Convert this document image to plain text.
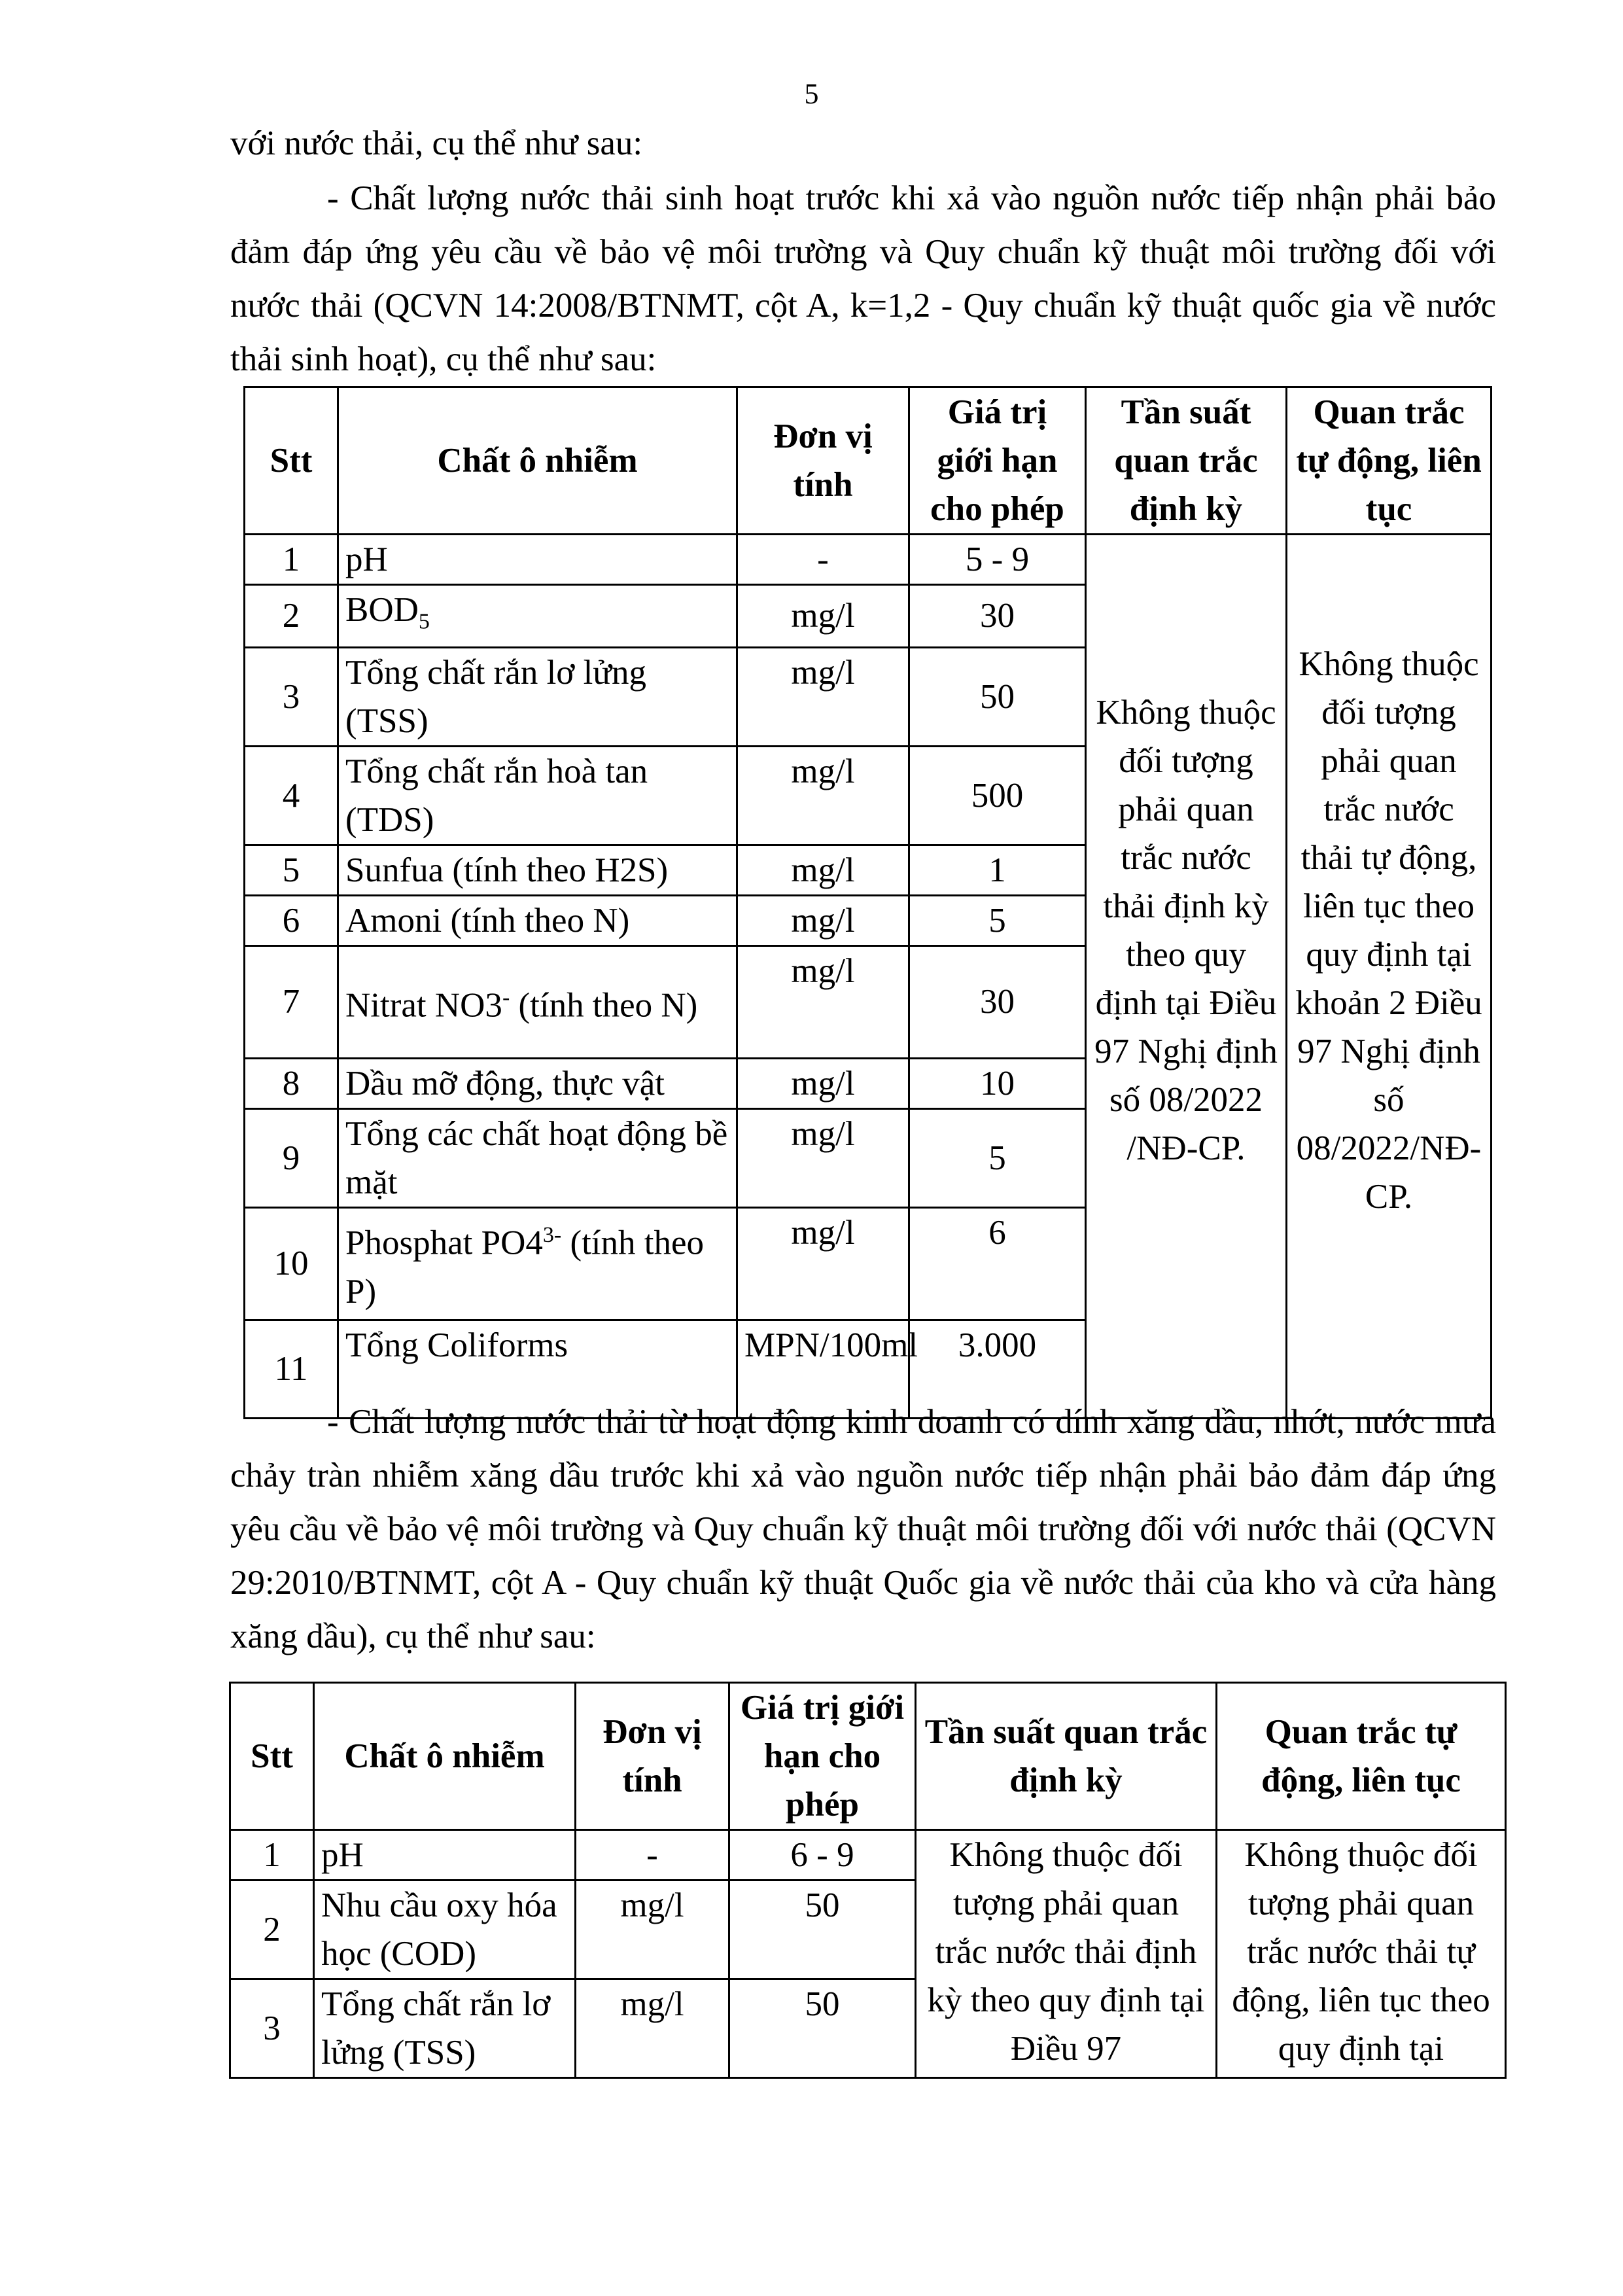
5
với nước thải, cụ thể như sau:
- Chất lượng nước thải sinh hoạt trước khi xả vào nguồn nước tiếp nhận phải bảo đảm đáp ứng yêu cầu về bảo vệ môi trường và Quy chuẩn kỹ thuật môi trường đối với nước thải (QCVN 14:2008/BTNMT, cột A, k=1,2 - Quy chuẩn kỹ thuật quốc gia về nước thải sinh hoạt), cụ thể như sau:
Stt	Chất ô nhiễm	Đơn vị tính	Giá trị giới hạn cho phép	Tần suất quan trắc định kỳ	Quan trắc tự động, liên tục
1	pH	-	5 - 9	Không thuộc đối tượng phải quan trắc nước thải định kỳ theo quy định tại Điều 97 Nghị định số 08/2022 /NĐ-CP.	Không thuộc đối tượng phải quan trắc nước thải tự động, liên tục theo quy định tại khoản 2 Điều 97 Nghị định số 08/2022/NĐ-CP.
2	$BOD_5$	mg/l	30		
3	Tổng chất rắn lơ lửng (TSS)	mg/l	50		
4	Tổng chất rắn hoà tan (TDS)	mg/l	500		
5	Sunfua (tính theo H2S)	mg/l	1		
6	Amoni (tính theo N)	mg/l	5		
7	Nitrat NO3- (tính theo N)	mg/l	30		
8	Dầu mỡ động, thực vật	mg/l	10		
9	Tổng các chất hoạt động bề mặt	mg/l	5		
10	Phosphat $PO4^{3-}$ (tính theo P)	mg/l	6		
11	Tổng Coliforms	MPN/100ml	3.000		
- Chất lượng nước thải từ hoạt động kinh doanh có dính xăng dầu, nhớt, nước mưa chảy tràn nhiễm xăng dầu trước khi xả vào nguồn nước tiếp nhận phải bảo đảm đáp ứng yêu cầu về bảo vệ môi trường và Quy chuẩn kỹ thuật môi trường đối với nước thải (QCVN 29:2010/BTNMT, cột A - Quy chuẩn kỹ thuật Quốc gia về nước thải của kho và cửa hàng xăng dầu), cụ thể như sau:
Stt	Chất ô nhiễm	Đơn vị tính	Giá trị giới hạn cho phép	Tần suất quan trắc định kỳ	Quan trắc tự động, liên tục
1	pH	-	6 - 9	Không thuộc đối tượng phải quan trắc nước thải định kỳ theo quy định tại Điều 97	Không thuộc đối tượng phải quan trắc nước thải tự động, liên tục theo quy định tại
2	Nhu cầu oxy hóa học (COD)	mg/l	50		
3	Tổng chất rắn lơ lửng (TSS)	mg/l	50		
